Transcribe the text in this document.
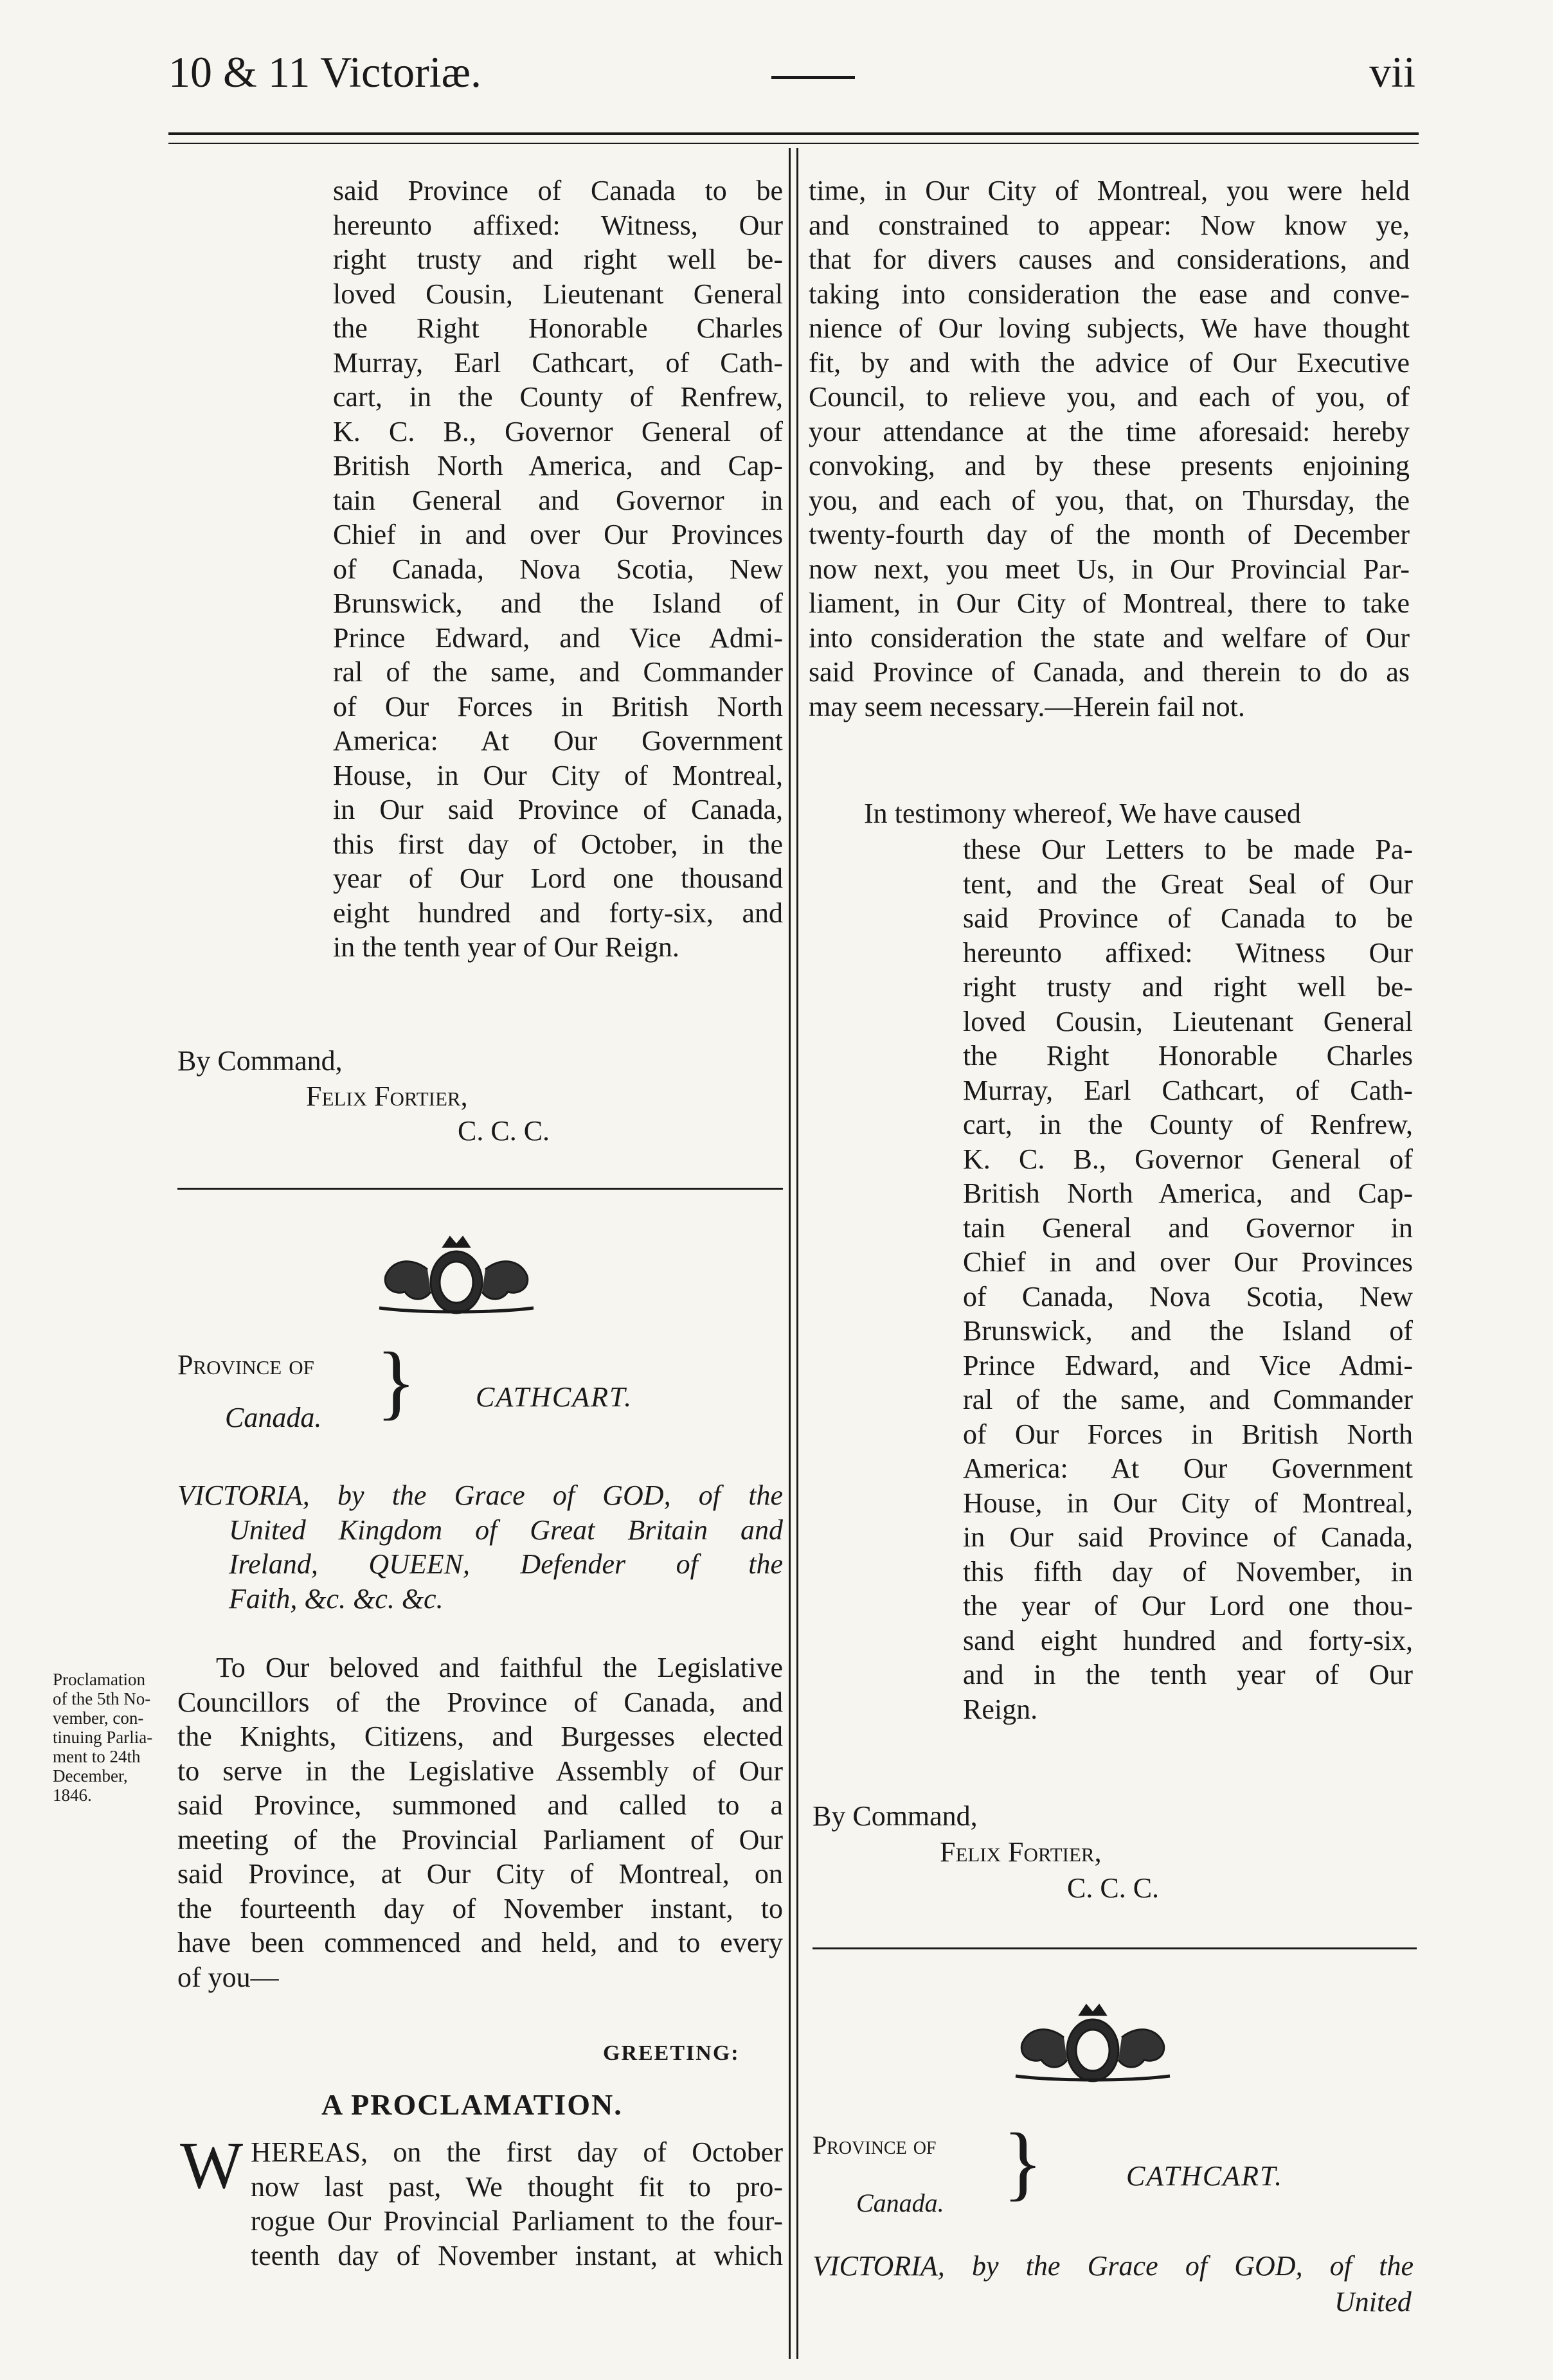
10 & 11 Victoriæ.	vii
said Province of Canada to be
hereunto affixed: Witness, Our
right trusty and right well be-
loved Cousin, Lieutenant General
the Right Honorable Charles
Murray, Earl Cathcart, of Cath-
cart, in the County of Renfrew,
K. C. B., Governor General of
British North America, and Cap-
tain General and Governor in
Chief in and over Our Provinces
of Canada, Nova Scotia, New
Brunswick, and the Island of
Prince Edward, and Vice Admi-
ral of the same, and Commander
of Our Forces in British North
America: At Our Government
House, in Our City of Montreal,
in Our said Province of Canada,
this first day of October, in the
year of Our Lord one thousand
eight hundred and forty-six, and
in the tenth year of Our Reign.
By Command,
Felix Fortier,
C. C. C.
Province of
Canada. } CATHCART.
VICTORIA, by the Grace of GOD, of the
United Kingdom of Great Britain and
Ireland, QUEEN, Defender of the
Faith, &c. &c. &c.
Proclamation
of the 5th No-
vember, con-
tinuing Parlia-
ment to 24th
December,
1846.
To Our beloved and faithful the Legislative
Councillors of the Province of Canada, and
the Knights, Citizens, and Burgesses elected
to serve in the Legislative Assembly of Our
said Province, summoned and called to a
meeting of the Provincial Parliament of Our
said Province, at Our City of Montreal, on
the fourteenth day of November instant, to
have been commenced and held, and to every
of you—
GREETING:
A PROCLAMATION.
W HEREAS, on the first day of October
now last past, We thought fit to pro-
rogue Our Provincial Parliament to the four-
teenth day of November instant, at which
time, in Our City of Montreal, you were held
and constrained to appear: Now know ye,
that for divers causes and considerations, and
taking into consideration the ease and conve-
nience of Our loving subjects, We have thought
fit, by and with the advice of Our Executive
Council, to relieve you, and each of you, of
your attendance at the time aforesaid: hereby
convoking, and by these presents enjoining
you, and each of you, that, on Thursday, the
twenty-fourth day of the month of December
now next, you meet Us, in Our Provincial Par-
liament, in Our City of Montreal, there to take
into consideration the state and welfare of Our
said Province of Canada, and therein to do as
may seem necessary.—Herein fail not.
In testimony whereof, We have caused
these Our Letters to be made Pa-
tent, and the Great Seal of Our
said Province of Canada to be
hereunto affixed: Witness Our
right trusty and right well be-
loved Cousin, Lieutenant General
the Right Honorable Charles
Murray, Earl Cathcart, of Cath-
cart, in the County of Renfrew,
K. C. B., Governor General of
British North America, and Cap-
tain General and Governor in
Chief in and over Our Provinces
of Canada, Nova Scotia, New
Brunswick, and the Island of
Prince Edward, and Vice Admi-
ral of the same, and Commander
of Our Forces in British North
America: At Our Government
House, in Our City of Montreal,
in Our said Province of Canada,
this fifth day of November, in
the year of Our Lord one thou-
sand eight hundred and forty-six,
and in the tenth year of Our
Reign.
By Command,
Felix Fortier,
C. C. C.
Province of
Canada. }	CATHCART.
VICTORIA, by the Grace of GOD, of the
United
